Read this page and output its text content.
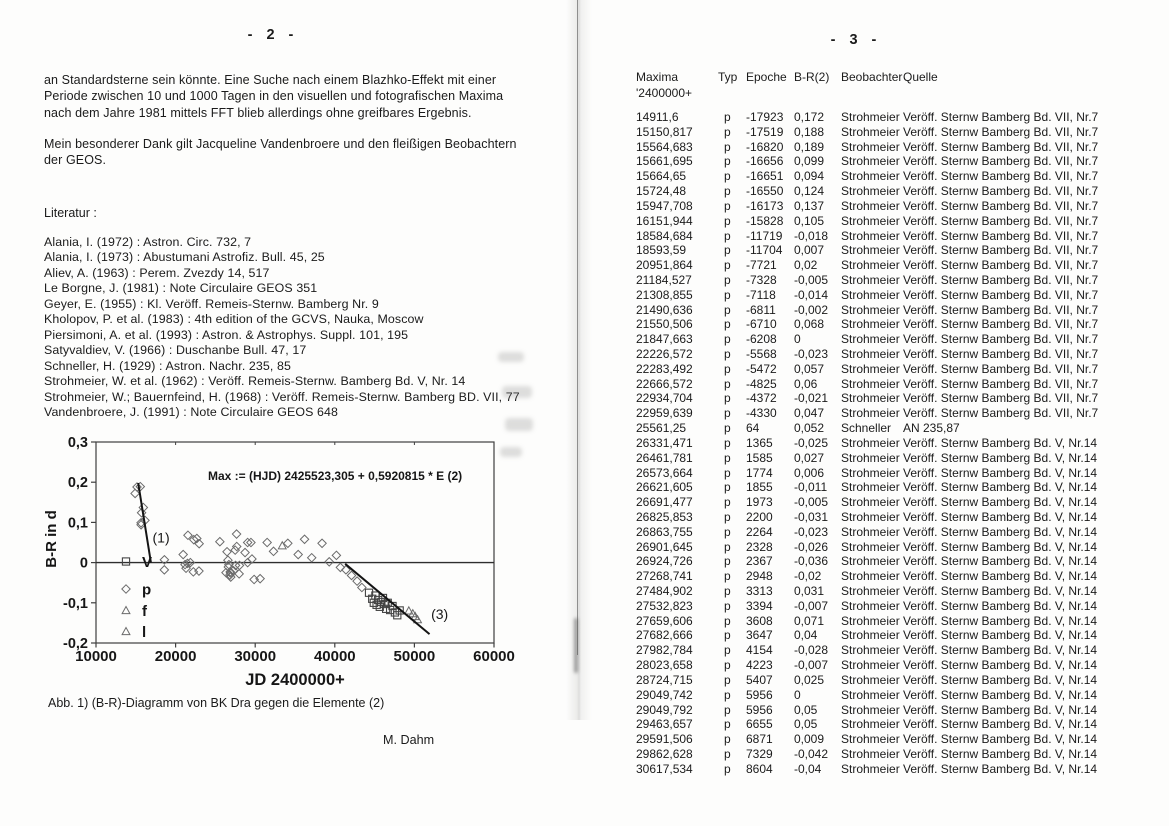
- 2 -
an Standardsterne sein könnte. Eine Suche nach einem Blazhko-Effekt mit einer
Periode zwischen 10 und 1000 Tagen in den visuellen und fotografischen Maxima
nach dem Jahre 1981 mittels FFT blieb allerdings ohne greifbares Ergebnis.
Mein besonderer Dank gilt Jacqueline Vandenbroere und den fleißigen Beobachtern
der GEOS.
Literatur :
Alania, I. (1972) : Astron. Circ. 732, 7
Alania, I. (1973) : Abustumani Astrofiz. Bull. 45, 25
Aliev, A. (1963) : Perem. Zvezdy 14, 517
Le Borgne, J. (1981) : Note Circulaire GEOS 351
Geyer, E. (1955) : Kl. Veröff. Remeis-Sternw. Bamberg Nr. 9
Kholopov, P. et al. (1983) : 4th edition of the GCVS, Nauka, Moscow
Piersimoni, A. et al. (1993) : Astron. & Astrophys. Suppl. 101, 195
Satyvaldiev, V. (1966) : Duschanbe Bull. 47, 17
Schneller, H. (1929) : Astron. Nachr. 235, 85
Strohmeier, W. et al. (1962) : Veröff. Remeis-Sternw. Bamberg Bd. V, Nr. 14
Strohmeier, W.; Bauernfeind, H. (1968) : Veröff. Remeis-Sternw. Bamberg BD. VII, 77
Vandenbroere, J. (1991) : Note Circulaire GEOS 648
10000	20000	30000	40000	50000	60000
0,3
0,2
0,1
0
-0,1
-0,2
JD 2400000+
B-R in d
Max := (HJD) 2425523,305 + 0,5920815 * E (2)
(1)
(3)
V
p
f
l
Abb. 1) (B-R)-Diagramm von BK Dra gegen die Elemente (2)
M. Dahm
- 3 -
Maxima	Typ Epoche B-R(2) Beobachter Quelle
'2400000+
14911,6	p	-17923 0,172	Strohmeier Veröff. Sternw Bamberg Bd. VII, Nr.7
15150,817	p	-17519 0,188	Strohmeier Veröff. Sternw Bamberg Bd. VII, Nr.7
15564,683	p	-16820 0,189	Strohmeier Veröff. Sternw Bamberg Bd. VII, Nr.7
15661,695	p	-16656 0,099	Strohmeier Veröff. Sternw Bamberg Bd. VII, Nr.7
15664,65	p	-16651 0,094	Strohmeier Veröff. Sternw Bamberg Bd. VII, Nr.7
15724,48	p	-16550 0,124	Strohmeier Veröff. Sternw Bamberg Bd. VII, Nr.7
15947,708	p	-16173 0,137	Strohmeier Veröff. Sternw Bamberg Bd. VII, Nr.7
16151,944	p	-15828 0,105	Strohmeier Veröff. Sternw Bamberg Bd. VII, Nr.7
18584,684	p	-11719 -0,018	Strohmeier Veröff. Sternw Bamberg Bd. VII, Nr.7
18593,59	p	-11704 0,007	Strohmeier Veröff. Sternw Bamberg Bd. VII, Nr.7
20951,864	p	-7721	0,02	Strohmeier Veröff. Sternw Bamberg Bd. VII, Nr.7
21184,527	p	-7328	-0,005	Strohmeier Veröff. Sternw Bamberg Bd. VII, Nr.7
21308,855	p	-7118	-0,014	Strohmeier Veröff. Sternw Bamberg Bd. VII, Nr.7
21490,636	p	-6811	-0,002	Strohmeier Veröff. Sternw Bamberg Bd. VII, Nr.7
21550,506	p	-6710	0,068	Strohmeier Veröff. Sternw Bamberg Bd. VII, Nr.7
21847,663	p	-6208	0	Strohmeier Veröff. Sternw Bamberg Bd. VII, Nr.7
22226,572	p	-5568	-0,023	Strohmeier Veröff. Sternw Bamberg Bd. VII, Nr.7
22283,492	p	-5472	0,057	Strohmeier Veröff. Sternw Bamberg Bd. VII, Nr.7
22666,572	p	-4825	0,06	Strohmeier Veröff. Sternw Bamberg Bd. VII, Nr.7
22934,704	p	-4372	-0,021	Strohmeier Veröff. Sternw Bamberg Bd. VII, Nr.7
22959,639	p	-4330	0,047	Strohmeier Veröff. Sternw Bamberg Bd. VII, Nr.7
25561,25	p	64	0,052	Schneller AN 235,87
26331,471	p	1365	-0,025	Strohmeier Veröff. Sternw Bamberg Bd. V, Nr.14
26461,781	p	1585	0,027	Strohmeier Veröff. Sternw Bamberg Bd. V, Nr.14
26573,664	p	1774	0,006	Strohmeier Veröff. Sternw Bamberg Bd. V, Nr.14
26621,605	p	1855	-0,011	Strohmeier Veröff. Sternw Bamberg Bd. V, Nr.14
26691,477	p	1973	-0,005	Strohmeier Veröff. Sternw Bamberg Bd. V, Nr.14
26825,853	p	2200	-0,031	Strohmeier Veröff. Sternw Bamberg Bd. V, Nr.14
26863,755	p	2264	-0,023	Strohmeier Veröff. Sternw Bamberg Bd. V, Nr.14
26901,645	p	2328	-0,026	Strohmeier Veröff. Sternw Bamberg Bd. V, Nr.14
26924,726	p	2367	-0,036	Strohmeier Veröff. Sternw Bamberg Bd. V, Nr.14
27268,741	p	2948	-0,02	Strohmeier Veröff. Sternw Bamberg Bd. V, Nr.14
27484,902	p	3313	0,031	Strohmeier Veröff. Sternw Bamberg Bd. V, Nr.14
27532,823	p	3394	-0,007	Strohmeier Veröff. Sternw Bamberg Bd. V, Nr.14
27659,606	p	3608	0,071	Strohmeier Veröff. Sternw Bamberg Bd. V, Nr.14
27682,666	p	3647	0,04	Strohmeier Veröff. Sternw Bamberg Bd. V, Nr.14
27982,784	p	4154	-0,028	Strohmeier Veröff. Sternw Bamberg Bd. V, Nr.14
28023,658	p	4223	-0,007	Strohmeier Veröff. Sternw Bamberg Bd. V, Nr.14
28724,715	p	5407	0,025	Strohmeier Veröff. Sternw Bamberg Bd. V, Nr.14
29049,742	p	5956	0	Strohmeier Veröff. Sternw Bamberg Bd. V, Nr.14
29049,792	p	5956	0,05	Strohmeier Veröff. Sternw Bamberg Bd. V, Nr.14
29463,657	p	6655	0,05	Strohmeier Veröff. Sternw Bamberg Bd. V, Nr.14
29591,506	p	6871	0,009	Strohmeier Veröff. Sternw Bamberg Bd. V, Nr.14
29862,628	p	7329	-0,042	Strohmeier Veröff. Sternw Bamberg Bd. V, Nr.14
30617,534	p	8604	-0,04	Strohmeier Veröff. Sternw Bamberg Bd. V, Nr.14
